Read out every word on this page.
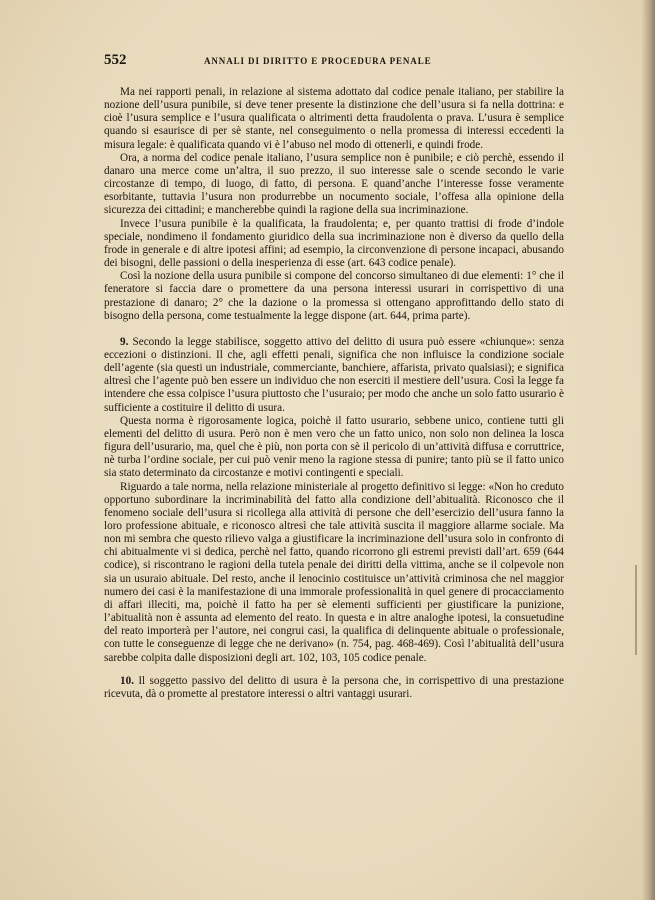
552	ANNALI DI DIRITTO E PROCEDURA PENALE

Ma nei rapporti penali, in relazione al sistema adottato dal codice penale italiano, per stabilire la nozione dell’usura punibile, si deve tener presente la distinzione che dell’usura si fa nella dottrina: e cioè l’usura semplice e l’usura qualificata o altrimenti detta fraudolenta o prava. L’usura è semplice quando si esaurisce di per sè stante, nel conseguimento o nella promessa di interessi eccedenti la misura legale: è qualificata quando vi è l’abuso nel modo di ottenerli, e quindi frode.

Ora, a norma del codice penale italiano, l’usura semplice non è punibile; e ciò perchè, essendo il danaro una merce come un’altra, il suo prezzo, il suo interesse sale o scende secondo le varie circostanze di tempo, di luogo, di fatto, di persona. E quand’anche l’interesse fosse veramente esorbitante, tuttavia l’usura non produrrebbe un nocumento sociale, l’offesa alla opinione della sicurezza dei cittadini; e mancherebbe quindi la ragione della sua incriminazione.

Invece l’usura punibile è la qualificata, la fraudolenta; e, per quanto trattisi di frode d’indole speciale, nondimeno il fondamento giuridico della sua incriminazione non è diverso da quello della frode in generale e di altre ipotesi affini; ad esempio, la circonvenzione di persone incapaci, abusando dei bisogni, delle passioni o della inesperienza di esse (art. 643 codice penale).

Così la nozione della usura punibile si compone del concorso simultaneo di due elementi: 1° che il feneratore si faccia dare o promettere da una persona interessi usurari in corrispettivo di una prestazione di danaro; 2° che la dazione o la promessa si ottengano approfittando dello stato di bisogno della persona, come testualmente la legge dispone (art. 644, prima parte).

9. Secondo la legge stabilisce, soggetto attivo del delitto di usura può essere «chiunque»: senza eccezioni o distinzioni. Il che, agli effetti penali, significa che non influisce la condizione sociale dell’agente (sia questi un industriale, commerciante, banchiere, affarista, privato qualsiasi); e significa altresì che l’agente può ben essere un individuo che non eserciti il mestiere dell’usura. Così la legge fa intendere che essa colpisce l’usura piuttosto che l’usuraio; per modo che anche un solo fatto usurario è sufficiente a costituire il delitto di usura.

Questa norma è rigorosamente logica, poichè il fatto usurario, sebbene unico, contiene tutti gli elementi del delitto di usura. Però non è men vero che un fatto unico, non solo non delinea la losca figura dell’usurario, ma, quel che è più, non porta con sè il pericolo di un’attività diffusa e corruttrice, nè turba l’ordine sociale, per cui può venir meno la ragione stessa di punire; tanto più se il fatto unico sia stato determinato da circostanze e motivi contingenti e speciali.

Riguardo a tale norma, nella relazione ministeriale al progetto definitivo si legge: «Non ho creduto opportuno subordinare la incriminabilità del fatto alla condizione dell’abitualità. Riconosco che il fenomeno sociale dell’usura si ricollega alla attività di persone che dell’esercizio dell’usura fanno la loro professione abituale, e riconosco altresì che tale attività suscita il maggiore allarme sociale. Ma non mi sembra che questo rilievo valga a giustificare la incriminazione dell’usura solo in confronto di chi abitualmente vi si dedica, perchè nel fatto, quando ricorrono gli estremi previsti dall’art. 659 (644 codice), si riscontrano le ragioni della tutela penale dei diritti della vittima, anche se il colpevole non sia un usuraio abituale. Del resto, anche il lenocinio costituisce un’attività criminosa che nel maggior numero dei casi è la manifestazione di una immorale professionalità in quel genere di procacciamento di affari illeciti, ma, poichè il fatto ha per sè elementi sufficienti per giustificare la punizione, l’abitualità non è assunta ad elemento del reato. In questa e in altre analoghe ipotesi, la consuetudine del reato importerà per l’autore, nei congrui casi, la qualifica di delinquente abituale o professionale, con tutte le conseguenze di legge che ne derivano» (n. 754, pag. 468-469). Così l’abitualità dell’usura sarebbe colpita dalle disposizioni degli art. 102, 103, 105 codice penale.

10. Il soggetto passivo del delitto di usura è la persona che, in corrispettivo di una prestazione ricevuta, dà o promette al prestatore interessi o altri vantaggi usurari.
